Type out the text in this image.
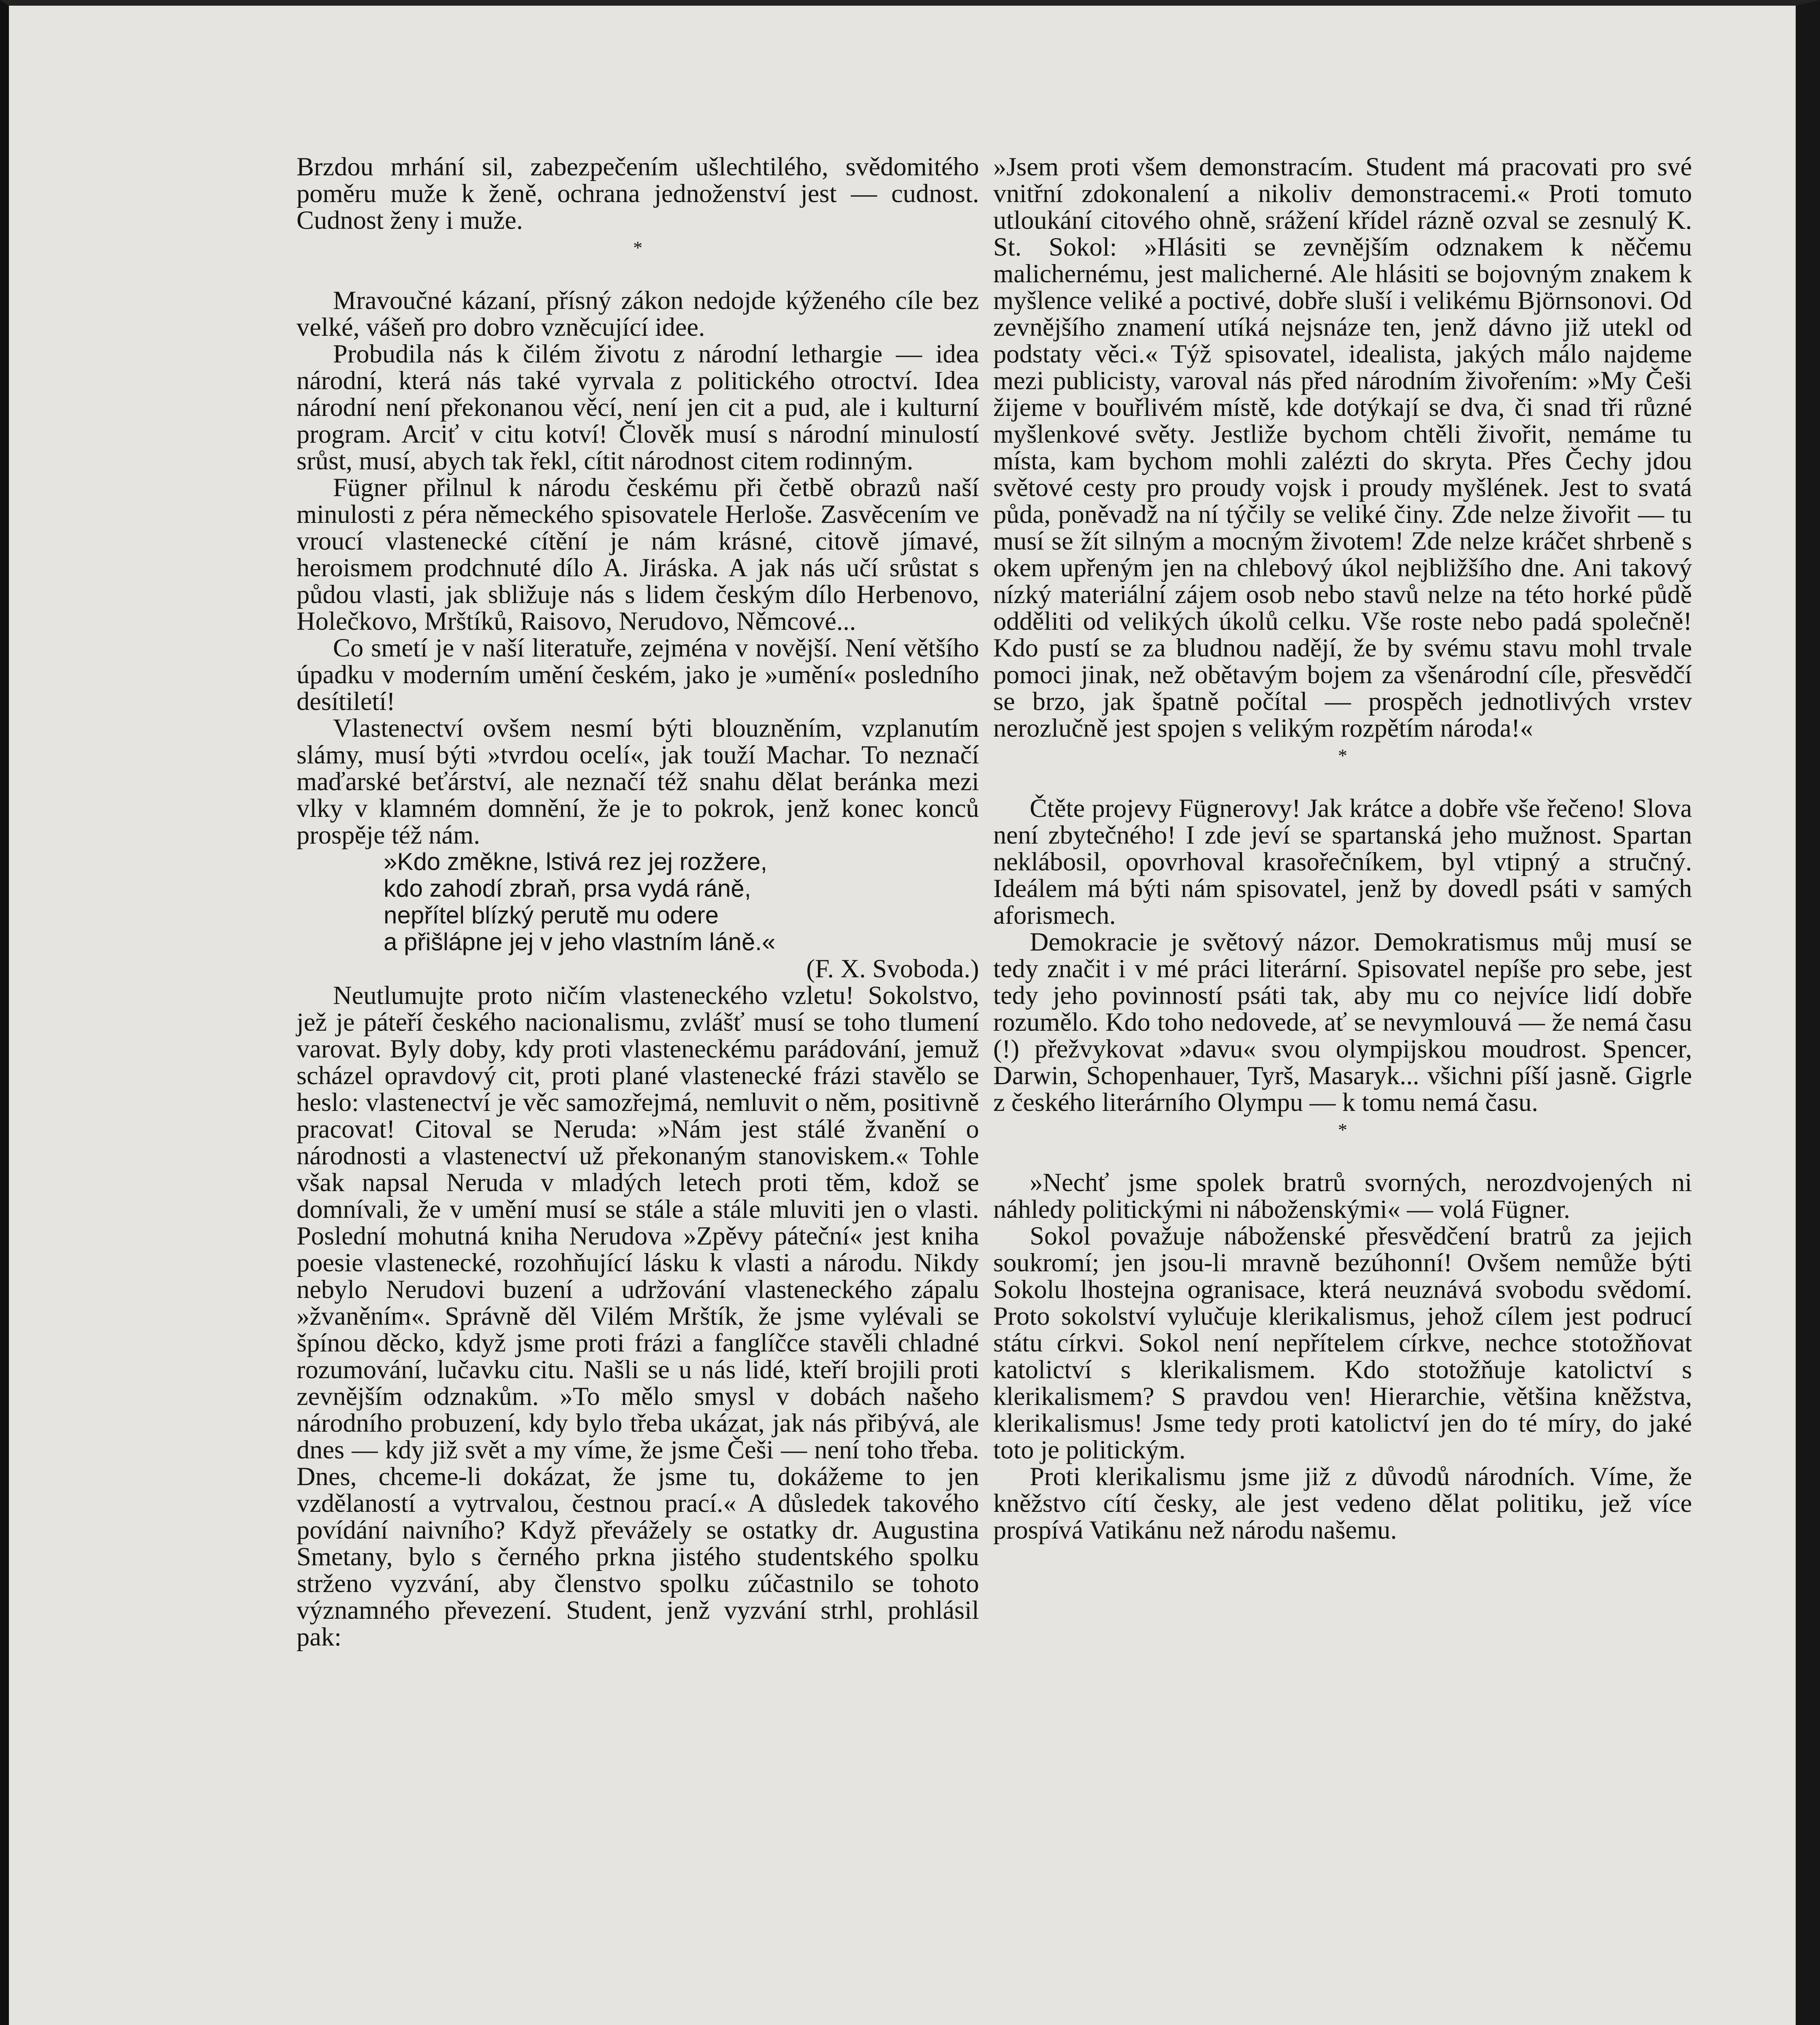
Brzdou mrhání sil, zabezpečením ušlechtilého, svědomitého poměru muže k ženě, ochrana jednoženství jest — cudnost. Cudnost ženy i muže.

*

Mravoučné kázaní, přísný zákon nedojde kýženého cíle bez velké, vášeň pro dobro vzněcující idee.

Probudila nás k čilém životu z národní lethargie — idea národní, která nás také vyrvala z politického otroctví. Idea národní není překonanou věcí, není jen cit a pud, ale i kulturní program. Arciť v citu kotví! Člověk musí s národní minulostí srůst, musí, abych tak řekl, cítit národnost citem rodinným.

Fügner přilnul k národu českému při četbě obrazů naší minulosti z péra německého spisovatele Herloše. Zasvěcením ve vroucí vlastenecké cítění je nám krásné, citově jímavé, heroismem prodchnuté dílo A. Jiráska. A jak nás učí srůstat s půdou vlasti, jak sbližuje nás s lidem českým dílo Herbenovo, Holečkovo, Mrštíků, Raisovo, Nerudovo, Němcové...

Co smetí je v naší literatuře, zejména v novější. Není většího úpadku v moderním umění českém, jako je »umění« posledního desítiletí!

Vlastenectví ovšem nesmí býti blouzněním, vzplanutím slámy, musí býti »tvrdou ocelí«, jak touží Machar. To neznačí maďarské beťárství, ale neznačí též snahu dělat beránka mezi vlky v klamném domnění, že je to pokrok, jenž konec konců prospěje též nám.

»Kdo změkne, lstivá rez jej rozžere,
kdo zahodí zbraň, prsa vydá ráně,
nepřítel blízký perutě mu odere
a přišlápne jej v jeho vlastním láně.«

(F. X. Svoboda.)

Neutlumujte proto ničím vlasteneckého vzletu! Sokolstvo, jež je páteří českého nacionalismu, zvlášť musí se toho tlumení varovat. Byly doby, kdy proti vlasteneckému parádování, jemuž scházel opravdový cit, proti plané vlastenecké frázi stavělo se heslo: vlastenectví je věc samozřejmá, nemluvit o něm, positivně pracovat! Citoval se Neruda: »Nám jest stálé žvanění o národnosti a vlastenectví už překonaným stanoviskem.« Tohle však napsal Neruda v mladých letech proti těm, kdož se domnívali, že v umění musí se stále a stále mluviti jen o vlasti. Poslední mohutná kniha Nerudova »Zpěvy páteční« jest kniha poesie vlastenecké, rozohňující lásku k vlasti a národu. Nikdy nebylo Nerudovi buzení a udržování vlasteneckého zápalu »žvaněním«. Správně děl Vilém Mrštík, že jsme vylévali se špínou děcko, když jsme proti frázi a fanglíčce stavěli chladné rozumování, lučavku citu. Našli se u nás lidé, kteří brojili proti zevnějším odznakům. »To mělo smysl v dobách našeho národního probuzení, kdy bylo třeba ukázat, jak nás přibývá, ale dnes — kdy již svět a my víme, že jsme Češi — není toho třeba. Dnes, chceme-li dokázat, že jsme tu, dokážeme to jen vzdělaností a vytrvalou, čestnou prací.« A důsledek takového povídání naivního? Když převážely se ostatky dr. Augustina Smetany, bylo s černého prkna jistého studentského spolku strženo vyzvání, aby členstvo spolku zúčastnilo se tohoto významného převezení. Student, jenž vyzvání strhl, prohlásil pak:

»Jsem proti všem demonstracím. Student má pracovati pro své vnitřní zdokonalení a nikoliv demonstracemi.« Proti tomuto utloukání citového ohně, srážení křídel rázně ozval se zesnulý K. St. Sokol: »Hlásiti se zevnějším odznakem k něčemu malichernému, jest malicherné. Ale hlásiti se bojovným znakem k myšlence veliké a poctivé, dobře sluší i velikému Björnsonovi. Od zevnějšího znamení utíká nejsnáze ten, jenž dávno již utekl od podstaty věci.« Týž spisovatel, idealista, jakých málo najdeme mezi publicisty, varoval nás před národním živořením: »My Češi žijeme v bouřlivém místě, kde dotýkají se dva, či snad tři různé myšlenkové světy. Jestliže bychom chtěli živořit, nemáme tu místa, kam bychom mohli zalézti do skryta. Přes Čechy jdou světové cesty pro proudy vojsk i proudy myšlének. Jest to svatá půda, poněvadž na ní týčily se veliké činy. Zde nelze živořit — tu musí se žít silným a mocným životem! Zde nelze kráčet shrbeně s okem upřeným jen na chlebový úkol nejbližšího dne. Ani takový nízký materiální zájem osob nebo stavů nelze na této horké půdě odděliti od velikých úkolů celku. Vše roste nebo padá společně! Kdo pustí se za bludnou nadějí, že by svému stavu mohl trvale pomoci jinak, než obětavým bojem za všenárodní cíle, přesvědčí se brzo, jak špatně počítal — prospěch jednotlivých vrstev nerozlučně jest spojen s velikým rozpětím národa!«

*

Čtěte projevy Fügnerovy! Jak krátce a dobře vše řečeno! Slova není zbytečného! I zde jeví se spartanská jeho mužnost. Spartan neklábosil, opovrhoval krasořečníkem, byl vtipný a stručný. Ideálem má býti nám spisovatel, jenž by dovedl psáti v samých aforismech.

Demokracie je světový názor. Demokratismus můj musí se tedy značit i v mé práci literární. Spisovatel nepíše pro sebe, jest tedy jeho povinností psáti tak, aby mu co nejvíce lidí dobře rozumělo. Kdo toho nedovede, ať se nevymlouvá — že nemá času (!) přežvykovat »davu« svou olympijskou moudrost. Spencer, Darwin, Schopenhauer, Tyrš, Masaryk... všichni píší jasně. Gigrle z českého literárního Olympu — k tomu nemá času.

*

»Nechť jsme spolek bratrů svorných, nerozdvojených ni náhledy politickými ni náboženskými« — volá Fügner.

Sokol považuje náboženské přesvědčení bratrů za jejich soukromí; jen jsou-li mravně bezúhonní! Ovšem nemůže býti Sokolu lhostejna ogranisace, která neuznává svobodu svědomí. Proto sokolství vylučuje klerikalismus, jehož cílem jest podrucí státu církvi. Sokol není nepřítelem církve, nechce stotožňovat katolictví s klerikalismem. Kdo stotožňuje katolictví s klerikalismem? S pravdou ven! Hierarchie, většina kněžstva, klerikalismus! Jsme tedy proti katolictví jen do té míry, do jaké toto je politickým.

Proti klerikalismu jsme již z důvodů národních. Víme, že kněžstvo cítí česky, ale jest vedeno dělat politiku, jež více prospívá Vatikánu než národu našemu.
